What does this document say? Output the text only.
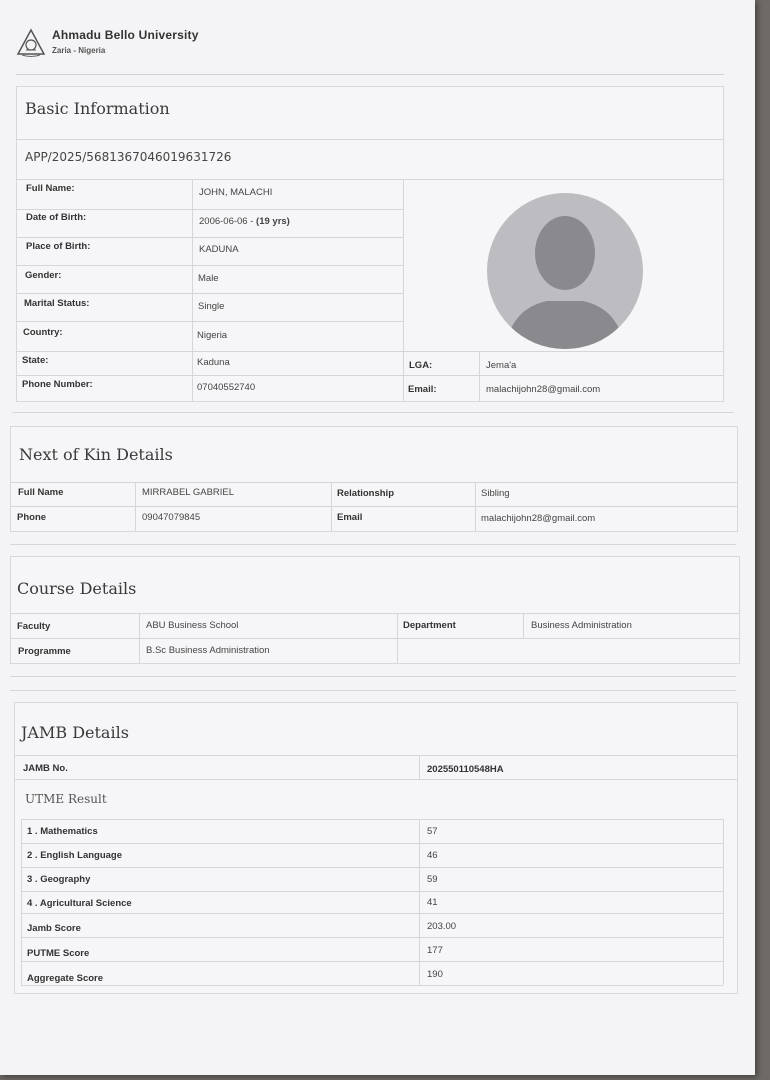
Ahmadu Bello University
Zaria - Nigeria
Basic Information
APP/2025/5681367046019631726
Full Name:	JOHN, MALACHI
Date of Birth:	2006-06-06 - (19 yrs)
Place of Birth:	KADUNA
Gender:	Male
Marital Status:	Single
Country:	Nigeria
State:	Kaduna
Phone Number:	07040552740
LGA:	Jema'a
Email:	malachijohn28@gmail.com
Next of Kin Details
Full Name	MIRRABEL GABRIEL	Relationship	Sibling
Phone	09047079845	Email	malachijohn28@gmail.com
Course Details
Faculty	ABU Business School	Department	Business Administration
Programme	B.Sc Business Administration
JAMB Details
JAMB No.	202550110548HA
UTME Result
1 . Mathematics	57
2 . English Language	46
3 . Geography	59
4 . Agricultural Science	41
Jamb Score	203.00
PUTME Score	177
Aggregate Score	190
